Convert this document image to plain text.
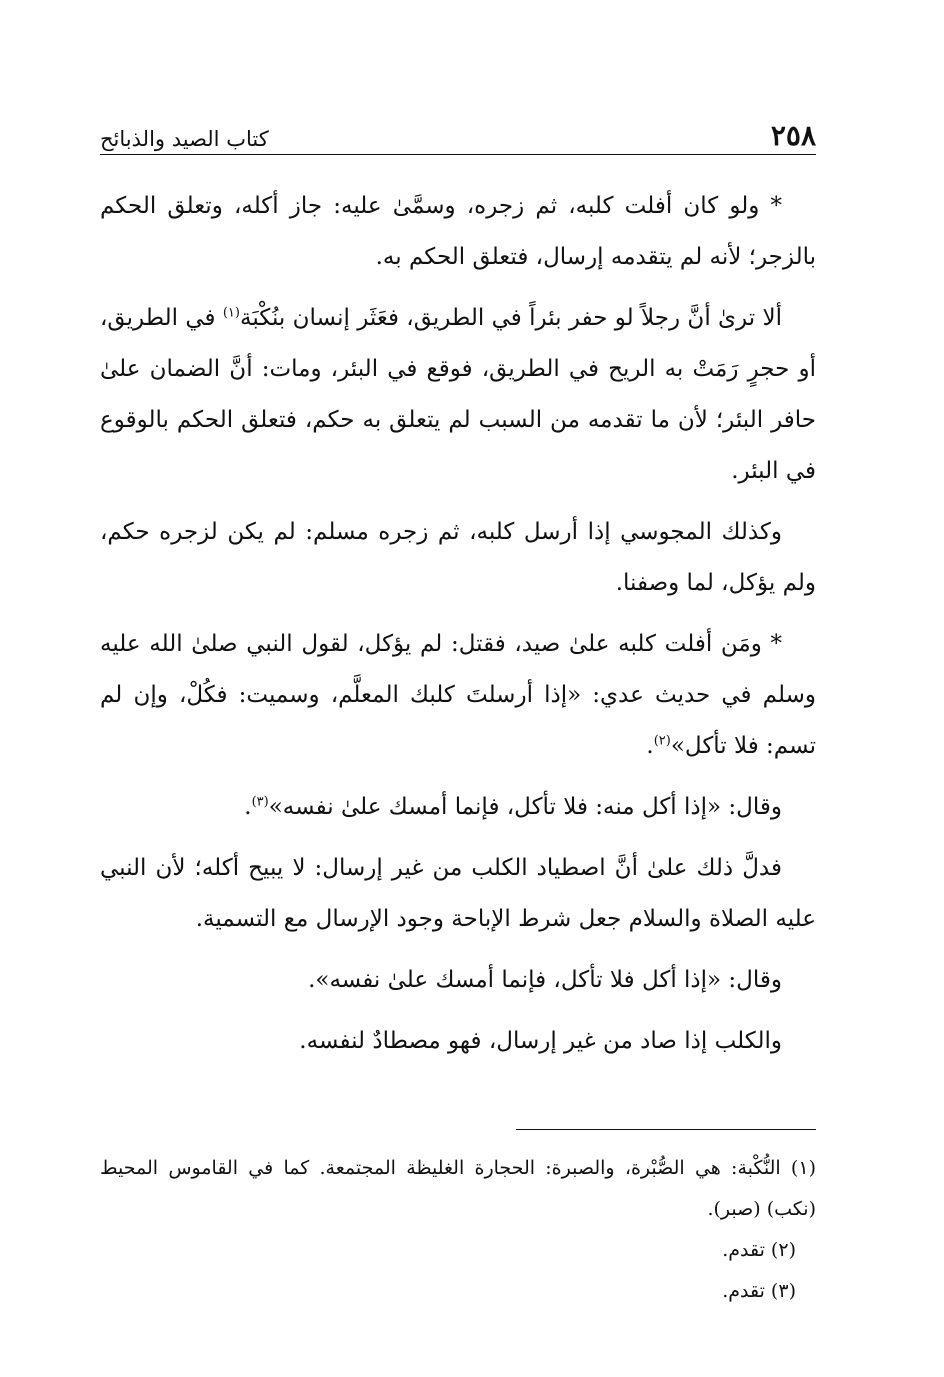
٢٥٨
كتاب الصيد والذبائح

* ولو كان أفلت كلبه، ثم زجره، وسمَّىٰ عليه: جاز أكله، وتعلق الحكم بالزجر؛ لأنه لم يتقدمه إرسال، فتعلق الحكم به.

ألا ترىٰ أنَّ رجلاً لو حفر بئراً في الطريق، فعَثَر إنسان بنُكْبَة$^{(١)}$ في الطريق، أو حجرٍ رَمَتْ به الريح في الطريق، فوقع في البئر، ومات: أنَّ الضمان علىٰ حافر البئر؛ لأن ما تقدمه من السبب لم يتعلق به حكم، فتعلق الحكم بالوقوع في البئر.

وكذلك المجوسي إذا أرسل كلبه، ثم زجره مسلم: لم يكن لزجره حكم، ولم يؤكل، لما وصفنا.

* ومَن أفلت كلبه علىٰ صيد، فقتل: لم يؤكل، لقول النبي صلىٰ الله عليه وسلم في حديث عدي: «إذا أرسلتَ كلبك المعلَّم، وسميت: فكُلْ، وإن لم تسم: فلا تأكل»$^{(٢)}$.

وقال: «إذا أكل منه: فلا تأكل، فإنما أمسك علىٰ نفسه»$^{(٣)}$.

فدلَّ ذلك علىٰ أنَّ اصطياد الكلب من غير إرسال: لا يبيح أكله؛ لأن النبي عليه الصلاة والسلام جعل شرط الإباحة وجود الإرسال مع التسمية.

وقال: «إذا أكل فلا تأكل، فإنما أمسك علىٰ نفسه».

والكلب إذا صاد من غير إرسال، فهو مصطادٌ لنفسه.

(١) النُّكْبة: هي الصُّبْرة، والصبرة: الحجارة الغليظة المجتمعة. كما في القاموس المحيط (نكب) (صبر).

(٢) تقدم.

(٣) تقدم.
